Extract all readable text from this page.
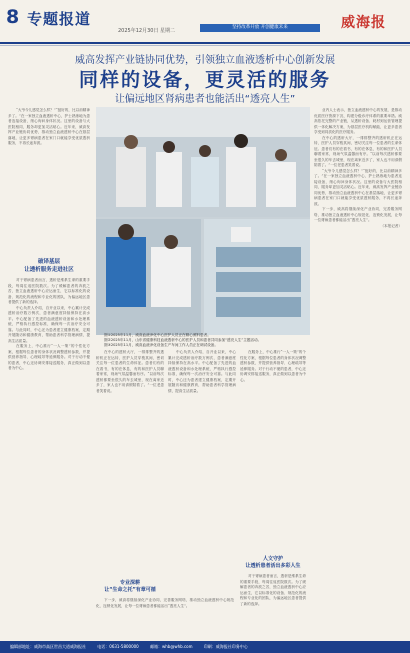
8 专题报道
2025年12月30日 星期二
坚持改革开放 开创健康未来	威海报
威高发挥产业链协同优势，引领独立血液透析中心创新发展
同样的设备，更灵活的服务
让偏远地区肾病患者也能活出“透亮人生”

“大爷今儿感觉怎么样？”“挺好的，比以前精神多了。”在一家独立血液透析中心，护士熟练地为患者连接设备，细心询问身体状况。这里的设备与大医院相同，服务却更加灵活贴心。近年来，威高发挥产业链协同优势，推动独立血液透析中心在基层落地，让更多肾病患者在家门口就能享受优质透析服务，不再长途奔波。

破译基层
让透析服务走进社区

对于肾病患者而言，透析是维系生命的重要手段，每周往返医院数次。为了缓解患者的奔波之苦，独立血液透析中心应运而生，它以标准化的设备、规范化的流程和专业化的团队，为偏远地区患者提供了新的选择。

中心负责人介绍，自开业以来，中心累计完成透析治疗数万例次，患者满意度持续保持在高水平。中心配备了先进的血液透析设备和水处理系统，严格执行感控标准，确保每一次治疗安全可靠。与此同时，中心还为患者建立健康档案，定期开展随访和健康教育，帮助患者科学管理病情，提高生活质量。

在服务上，中心推行“一人一策”的个性化方案，根据每位患者的身体状况调整透析参数，并提供营养指导、心理疏导等延伸服务。对于行动不便的患者，中心还协调安排接送服务，真正做到以患者为中心。

图①2025年11月，威高血液净化中心医护人员正在精心照料患者。
图②2025年11月，山东省健康科技血液透析中心的医护人员和患者共同参加“透亮人生”主题活动。
图③2025年11月，威高血液净化设备生产车间工作人员正在调试设备。

在中心的透析大厅，一排排整齐的透析机正在运转，医护人员穿梭其间，密切关注每一位患者的生命体征。患者们有的在看书，有的在休息，有的和医护人员聊着家常，现场气氛温馨而有序。“以前每次透析都要坐很久的车去城里，现在离家近多了，家人也不用请假陪着了。”一位老患者笑着说。

中心负责人介绍，自开业以来，中心累计完成透析治疗数万例次，患者满意度持续保持在高水平。中心配备了先进的血液透析设备和水处理系统，严格执行感控标准，确保每一次治疗安全可靠。与此同时，中心还为患者建立健康档案，定期开展随访和健康教育，帮助患者科学管理病情，提高生活质量。

在服务上，中心推行“一人一策”的个性化方案，根据每位患者的身体状况调整透析参数，并提供营养指导、心理疏导等延伸服务。对于行动不便的患者，中心还协调安排接送服务，真正做到以患者为中心。

专业深耕
让“生命之托”有章可循

下一步，威高将继续深化产业协同，完善服务网络，推动独立血液透析中心规范化、连锁化发展，让每一位肾病患者都能活出“透亮人生”。

人文守护
让透析患者活出多彩人生

对于肾病患者而言，透析是维系生命的重要手段，每周往返医院数次。为了缓解患者的奔波之苦，独立血液透析中心应运而生，它以标准化的设备、规范化的流程和专业化的团队，为偏远地区患者提供了新的选择。

业内人士表示，独立血液透析中心的发展，是推动优质医疗资源下沉、构建分级诊疗体系的重要举措。威高依托完整的产业链，从透析设备、耗材到运营管理提供一体化解决方案，为基层医疗机构赋能，让更多患者享受到同质化的医疗服务。

在中心的透析大厅，一排排整齐的透析机正在运转，医护人员穿梭其间，密切关注每一位患者的生命体征。患者们有的在看书，有的在休息，有的和医护人员聊着家常，现场气氛温馨而有序。“以前每次透析都要坐很久的车去城里，现在离家近多了，家人也不用请假陪着了。”一位老患者笑着说。

“大爷今儿感觉怎么样？”“挺好的，比以前精神多了。”在一家独立血液透析中心，护士熟练地为患者连接设备，细心询问身体状况。这里的设备与大医院相同，服务却更加灵活贴心。近年来，威高发挥产业链协同优势，推动独立血液透析中心在基层落地，让更多肾病患者在家门口就能享受优质透析服务，不再长途奔波。

下一步，威高将继续深化产业协同，完善服务网络，推动独立血液透析中心规范化、连锁化发展，让每一位肾病患者都能活出“透亮人生”。

（本报记者）

编辑部地址：威海市高区世昌大道威海报社	电话：0631-5800000	邮箱：whb@whb.com	印刷：威海报社印务中心
